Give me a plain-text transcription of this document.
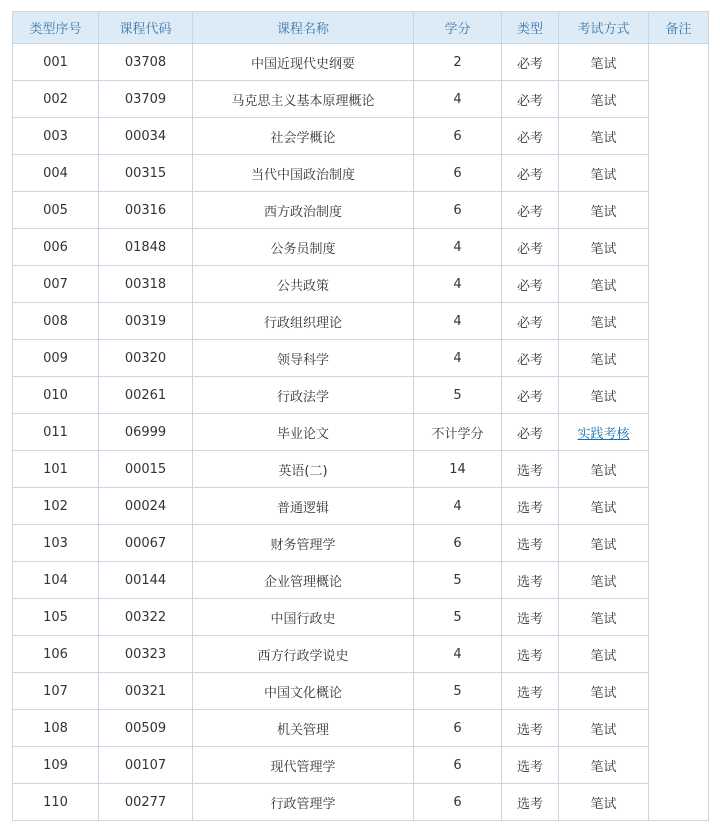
类型序号	课程代码	课程名称	学分	类型	考试方式	备注
001	03708	中国近现代史纲要	2	必考	笔试	
002	03709	马克思主义基本原理概论	4	必考	笔试	
003	00034	社会学概论	6	必考	笔试	
004	00315	当代中国政治制度	6	必考	笔试	
005	00316	西方政治制度	6	必考	笔试	
006	01848	公务员制度	4	必考	笔试	
007	00318	公共政策	4	必考	笔试	
008	00319	行政组织理论	4	必考	笔试	
009	00320	领导科学	4	必考	笔试	
010	00261	行政法学	5	必考	笔试	
011	06999	毕业论文	不计学分	必考	实践考核	
101	00015	英语(二)	14	选考	笔试	
102	00024	普通逻辑	4	选考	笔试	
103	00067	财务管理学	6	选考	笔试	
104	00144	企业管理概论	5	选考	笔试	
105	00322	中国行政史	5	选考	笔试	
106	00323	西方行政学说史	4	选考	笔试	
107	00321	中国文化概论	5	选考	笔试	
108	00509	机关管理	6	选考	笔试	
109	00107	现代管理学	6	选考	笔试	
110	00277	行政管理学	6	选考	笔试	
